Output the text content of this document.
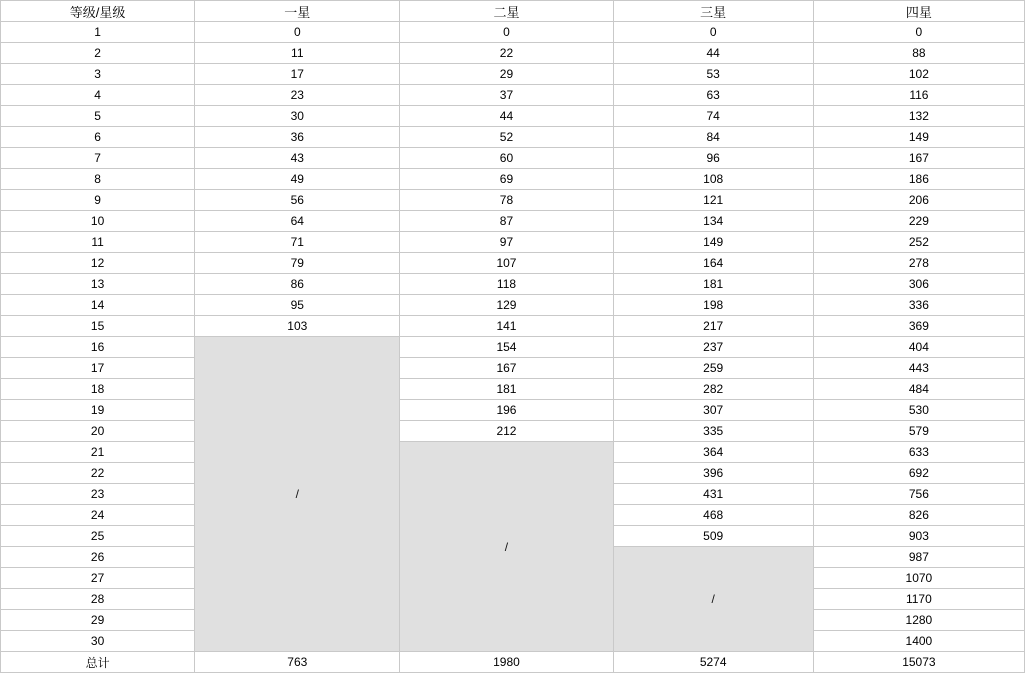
等级/星级	一星	二星	三星	四星
1	0	0	0	0
2	11	22	44	88
3	17	29	53	102
4	23	37	63	116
5	30	44	74	132
6	36	52	84	149
7	43	60	96	167
8	49	69	108	186
9	56	78	121	206
10	64	87	134	229
11	71	97	149	252
12	79	107	164	278
13	86	118	181	306
14	95	129	198	336
15	103	141	217	369
16	/	154	237	404
17		167	259	443
18		181	282	484
19		196	307	530
20		212	335	579
21		/	364	633
22			396	692
23			431	756
24			468	826
25			509	903
26			/	987
27				1070
28				1170
29				1280
30				1400
总计	763	1980	5274	15073
